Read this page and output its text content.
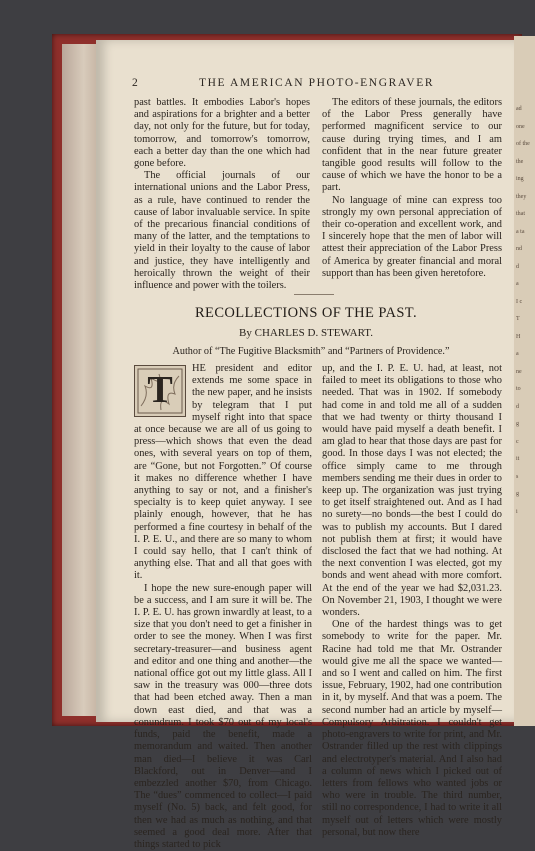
ad
one
of the
the
ing
they
that
a ta
nd
d
a
I c
T
H
a
ne
to
d
g
c
it
s
g
i
2	THE AMERICAN PHOTO-ENGRAVER

past battles. It embodies Labor's hopes and aspirations for a brighter and a better day, not only for the future, but for today, tomorrow, and tomorrow's tomorrow, each a better day than the one which had gone before.

The official journals of our international unions and the Labor Press, as a rule, have continued to render the cause of labor invaluable service. In spite of the precarious financial conditions of many of the latter, and the temptations to yield in their loyalty to the cause of labor and justice, they have intelligently and heroically thrown the weight of their influence and power with the toilers.

The editors of these journals, the editors of the Labor Press generally have performed magnificent service to our cause during trying times, and I am confident that in the near future greater tangible good results will follow to the cause of which we have the honor to be a part.

No language of mine can express too strongly my own personal appreciation of their co-operation and excellent work, and I sincerely hope that the men of labor will attest their appreciation of the Labor Press of America by greater financial and moral support than has been given heretofore.

RECOLLECTIONS OF THE PAST.
By CHARLES D. STEWART.
Author of “The Fugitive Blacksmith” and “Partners of Providence.”

T
HE president and editor extends me some space in the new paper, and he insists by telegram that I put myself right into that space at once because we are all of us going to press—which shows that even the dead ones, with several years on top of them, are “Gone, but not Forgotten.” Of course it makes no difference whether I have anything to say or not, and a finisher's specialty is to keep quiet anyway. I see plainly enough, however, that he has performed a fine courtesy in behalf of the I. P. E. U., and there are so many to whom I could say hello, that I can't think of anything else. That and all that goes with it.

I hope the new sure-enough paper will be a success, and I am sure it will be. The I. P. E. U. has grown inwardly at least, to a size that you don't need to get a finisher in order to see the money. When I was first secretary-treasurer—and business agent and editor and one thing and another—the national office got out my little glass. All I saw in the treasury was 000—three dots that had been etched away. Then a man down east died, and that was a conundrum. I took $70 out of my local's funds, paid the benefit, made a memorandum and waited. Then another man died—I believe it was Carl Blackford, out in Denver—and I embezzled another $70, from Chicago. The “dues” commenced to collect—I paid myself (No. 5) back, and felt good, for then we had as much as nothing, and that seemed a good deal more. After that things started to pick

up, and the I. P. E. U. had, at least, not failed to meet its obligations to those who needed. That was in 1902. If somebody had come in and told me all of a sudden that we had twenty or thirty thousand I would have paid myself a death benefit. I am glad to hear that those days are past for good. In those days I was not elected; the office simply came to me through members sending me their dues in order to keep up. The organization was just trying to get itself straightened out. And as I had no surety—no bonds—the best I could do was to publish my accounts. But I dared not publish them at first; it would have disclosed the fact that we had nothing. At the next convention I was elected, got my bonds and went ahead with more comfort. At the end of the year we had $2,031.23. On November 21, 1903, I thought we were wonders.

One of the hardest things was to get somebody to write for the paper. Mr. Racine had told me that Mr. Ostrander would give me all the space we wanted—and so I went and called on him. The first issue, February, 1902, had one contribution in it, by myself. And that was a poem. The second number had an article by myself—Compulsory Arbitration. I couldn't get photo-engravers to write for print, and Mr. Ostrander filled up the rest with clippings and electrotyper's material. And I also had a column of news which I picked out of letters from fellows who wanted jobs or who were in trouble. The third number, still no correspondence, I had to write it all myself out of letters which were mostly personal, but now there
